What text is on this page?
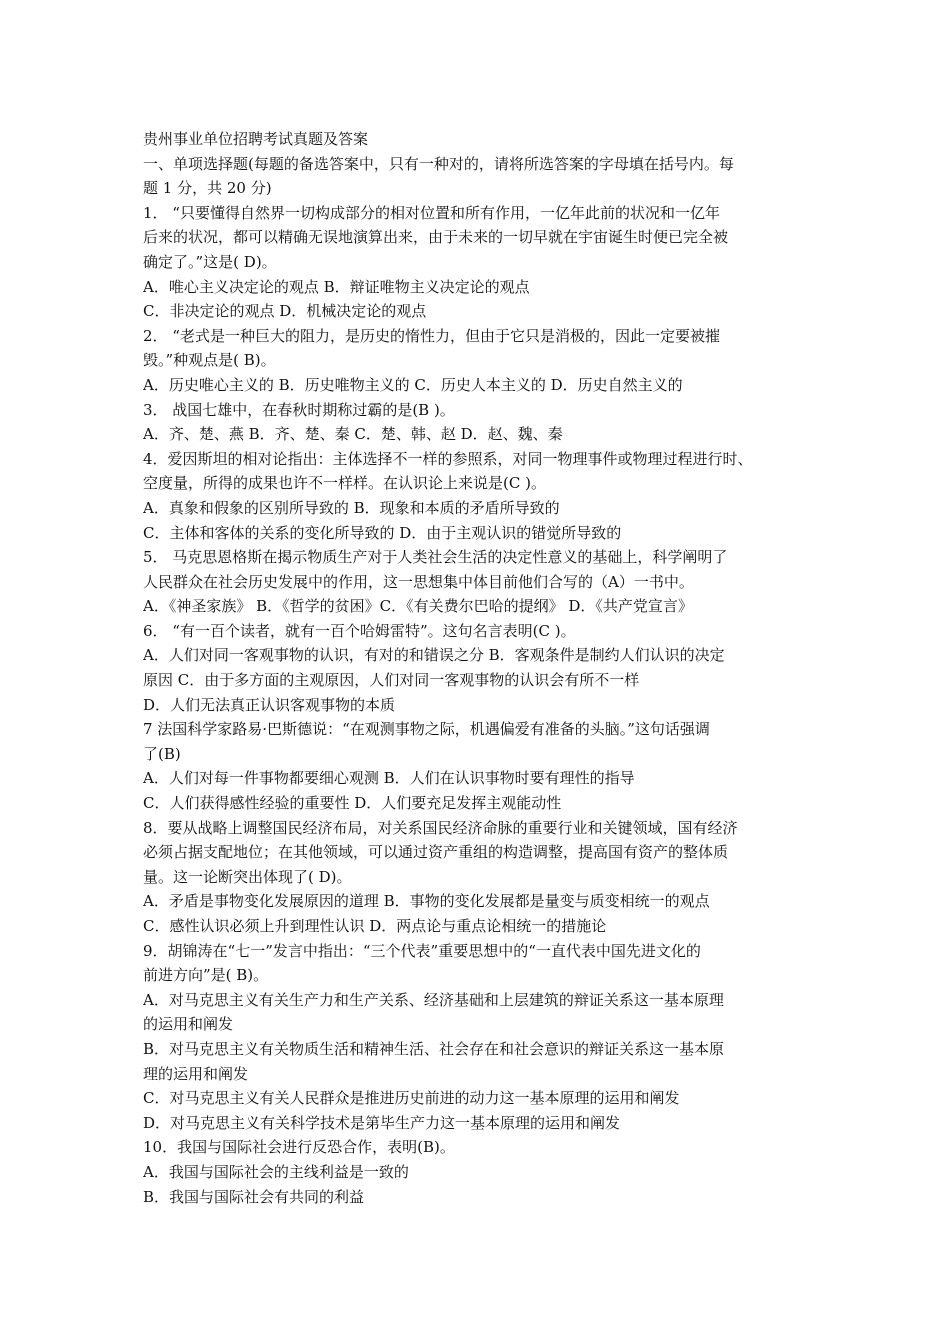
贵州事业单位招聘考试真题及答案
一、单项选择题(每题的备选答案中，只有一种对的，请将所选答案的字母填在括号内。每
题 1 分，共 20 分)
1． “只要懂得自然界一切构成部分的相对位置和所有作用，一亿年此前的状况和一亿年
后来的状况，都可以精确无误地演算出来，由于未来的一切早就在宇宙诞生时便已完全被
确定了。”这是( D)。
A．唯心主义决定论的观点 B．辩证唯物主义决定论的观点
C．非决定论的观点 D．机械决定论的观点
2． “老式是一种巨大的阻力，是历史的惰性力，但由于它只是消极的，因此一定要被摧
毁。”种观点是( B)。
A．历史唯心主义的 B．历史唯物主义的 C．历史人本主义的 D．历史自然主义的
3． 战国七雄中，在春秋时期称过霸的是(B )。
A．齐、楚、燕 B．齐、楚、秦 C．楚、韩、赵 D．赵、魏、秦
4．爱因斯坦的相对论指出：主体选择不一样的参照系，对同一物理事件或物理过程进行时、
空度量，所得的成果也许不一样样。在认识论上来说是(C )。
A．真象和假象的区别所导致的 B．现象和本质的矛盾所导致的
C．主体和客体的关系的变化所导致的 D．由于主观认识的错觉所导致的
5． 马克思恩格斯在揭示物质生产对于人类社会生活的决定性意义的基础上，科学阐明了
人民群众在社会历史发展中的作用，这一思想集中体目前他们合写的（A）一书中。
A．《神圣家族》 B．《哲学的贫困》C．《有关费尔巴哈的提纲》 D．《共产党宣言》
6． “有一百个读者，就有一百个哈姆雷特”。这句名言表明(C )。
A．人们对同一客观事物的认识，有对的和错误之分 B．客观条件是制约人们认识的决定
原因 C．由于多方面的主观原因，人们对同一客观事物的认识会有所不一样
D．人们无法真正认识客观事物的本质
7 法国科学家路易·巴斯德说：“在观测事物之际，机遇偏爱有准备的头脑。”这句话强调
了(B)
A．人们对每一件事物都要细心观测 B．人们在认识事物时要有理性的指导
C．人们获得感性经验的重要性 D．人们要充足发挥主观能动性
8．要从战略上调整国民经济布局，对关系国民经济命脉的重要行业和关键领域，国有经济
必须占据支配地位；在其他领域，可以通过资产重组的构造调整，提高国有资产的整体质
量。这一论断突出体现了( D)。
A．矛盾是事物变化发展原因的道理 B．事物的变化发展都是量变与质变相统一的观点
C．感性认识必须上升到理性认识 D．两点论与重点论相统一的措施论
9．胡锦涛在“七一”发言中指出：“三个代表”重要思想中的“一直代表中国先进文化的
前进方向”是( B)。
A．对马克思主义有关生产力和生产关系、经济基础和上层建筑的辩证关系这一基本原理
的运用和阐发
B．对马克思主义有关物质生活和精神生活、社会存在和社会意识的辩证关系这一基本原
理的运用和阐发
C．对马克思主义有关人民群众是推进历史前进的动力这一基本原理的运用和阐发
D．对马克思主义有关科学技术是第毕生产力这一基本原理的运用和阐发
10．我国与国际社会进行反恐合作，表明(B)。
A．我国与国际社会的主线利益是一致的
B．我国与国际社会有共同的利益
